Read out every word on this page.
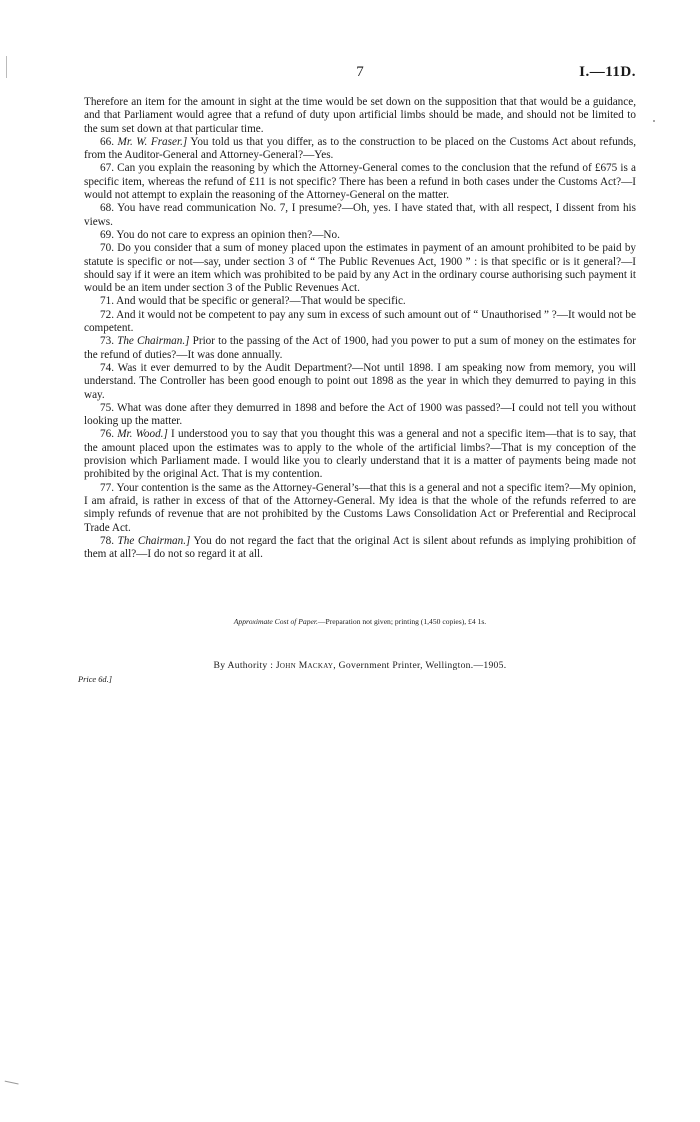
7	I.—11D.

Therefore an item for the amount in sight at the time would be set down on the supposition that that would be a guidance, and that Parliament would agree that a refund of duty upon artificial limbs should be made, and should not be limited to the sum set down at that particular time.

66. Mr. W. Fraser.] You told us that you differ, as to the construction to be placed on the Customs Act about refunds, from the Auditor-General and Attorney-General?—Yes.

67. Can you explain the reasoning by which the Attorney-General comes to the conclusion that the refund of £675 is a specific item, whereas the refund of £11 is not specific? There has been a refund in both cases under the Customs Act?—I would not attempt to explain the reasoning of the Attorney-General on the matter.

68. You have read communication No. 7, I presume?—Oh, yes. I have stated that, with all respect, I dissent from his views.

69. You do not care to express an opinion then?—No.

70. Do you consider that a sum of money placed upon the estimates in payment of an amount prohibited to be paid by statute is specific or not—say, under section 3 of “ The Public Revenues Act, 1900 ” : is that specific or is it general?—I should say if it were an item which was prohibited to be paid by any Act in the ordinary course authorising such payment it would be an item under section 3 of the Public Revenues Act.

71. And would that be specific or general?—That would be specific.

72. And it would not be competent to pay any sum in excess of such amount out of “ Unauthorised ” ?—It would not be competent.

73. The Chairman.] Prior to the passing of the Act of 1900, had you power to put a sum of money on the estimates for the refund of duties?—It was done annually.

74. Was it ever demurred to by the Audit Department?—Not until 1898. I am speaking now from memory, you will understand. The Controller has been good enough to point out 1898 as the year in which they demurred to paying in this way.

75. What was done after they demurred in 1898 and before the Act of 1900 was passed?—I could not tell you without looking up the matter.

76. Mr. Wood.] I understood you to say that you thought this was a general and not a specific item—that is to say, that the amount placed upon the estimates was to apply to the whole of the artificial limbs?—That is my conception of the provision which Parliament made. I would like you to clearly understand that it is a matter of payments being made not prohibited by the original Act. That is my contention.

77. Your contention is the same as the Attorney-General’s—that this is a general and not a specific item?—My opinion, I am afraid, is rather in excess of that of the Attorney-General. My idea is that the whole of the refunds referred to are simply refunds of revenue that are not prohibited by the Customs Laws Consolidation Act or Preferential and Reciprocal Trade Act.

78. The Chairman.] You do not regard the fact that the original Act is silent about refunds as implying prohibition of them at all?—I do not so regard it at all.

Approximate Cost of Paper.—Preparation not given; printing (1,450 copies), £4 1s.
By Authority : John Mackay, Government Printer, Wellington.—1905.
Price 6d.]
